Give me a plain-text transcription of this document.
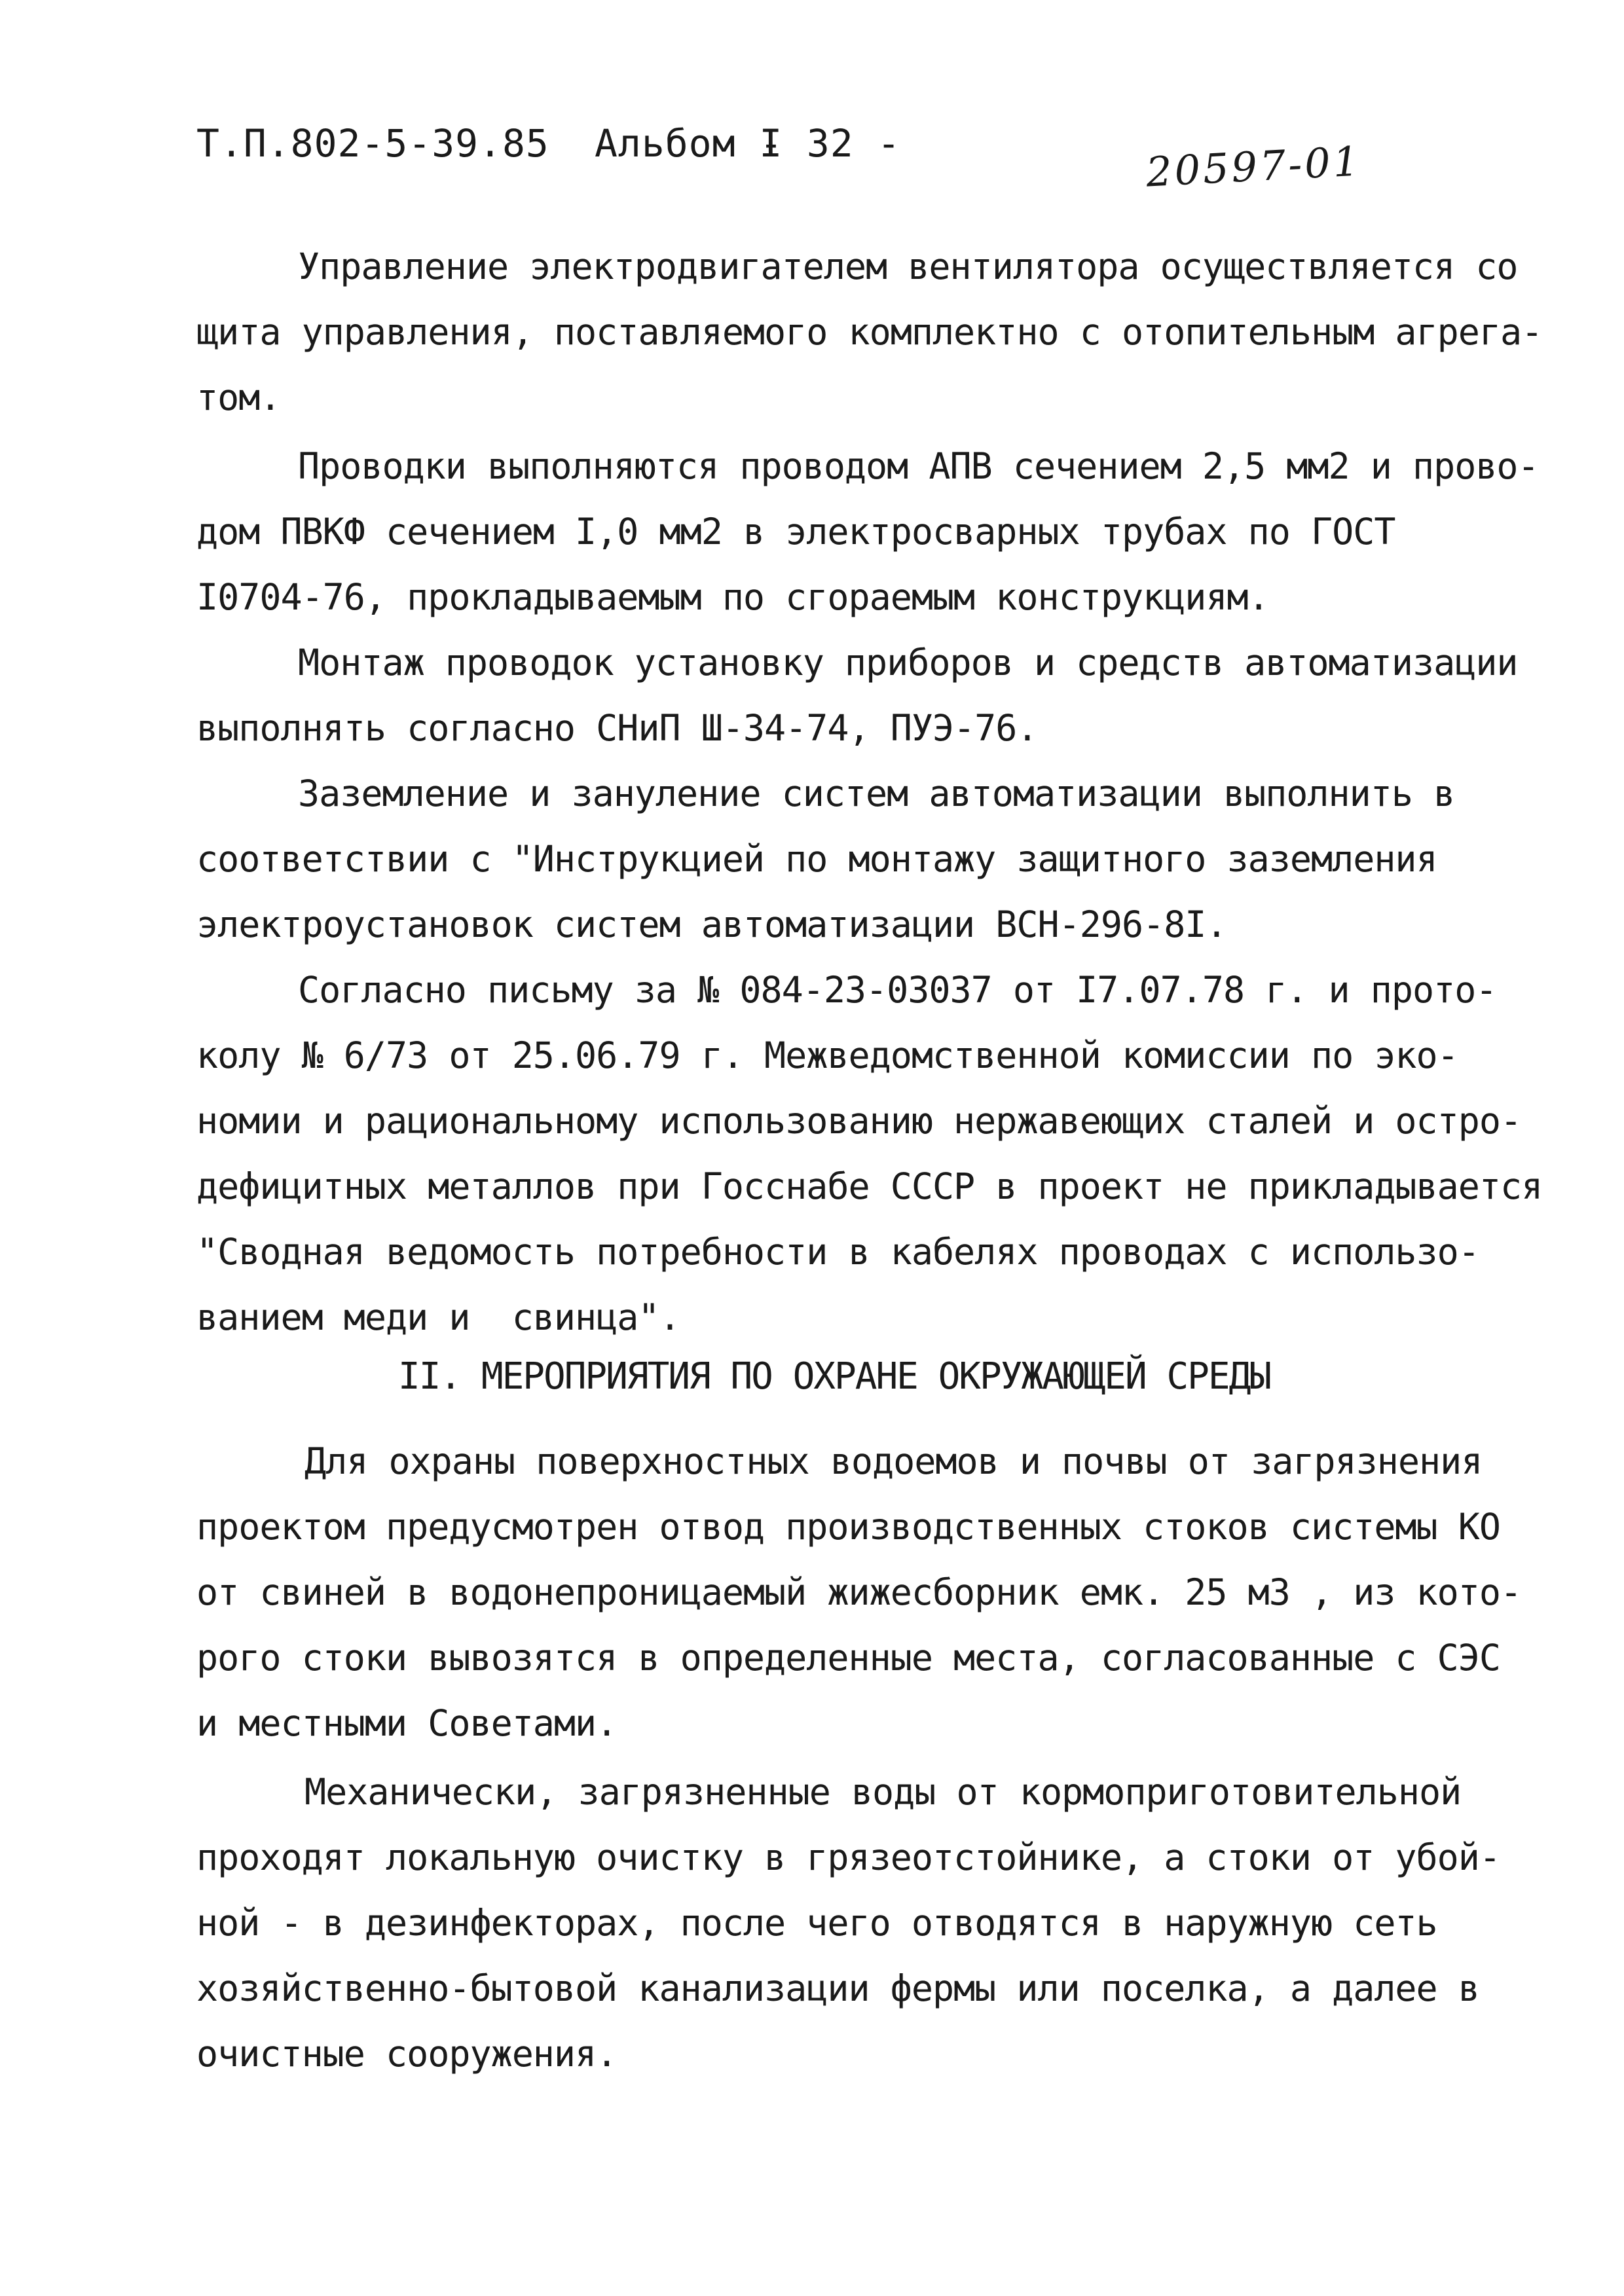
Т.П.802-5-39.85 Альбом I
- 32 -	20597-01
Управление электродвигателем вентилятора осуществляется со
щита управления, поставляемого комплектно с отопительным агрега-
том.
Проводки выполняются проводом АПВ сечением 2,5 мм2 и прово-
дом ПВКФ сечением I,0 мм2 в электросварных трубах по ГОСТ
I0704-76, прокладываемым по сгораемым конструкциям.
Монтаж проводок установку приборов и средств автоматизации
выполнять согласно СНиП Ш-34-74, ПУЭ-76.
Заземление и зануление систем автоматизации выполнить в
соответствии с "Инструкцией по монтажу защитного заземления
электроустановок систем автоматизации ВСН-296-8I.
Согласно письму за № 084-23-03037 от I7.07.78 г. и прото-
колу № 6/73 от 25.06.79 г. Межведомственной комиссии по эко-
номии и рациональному использованию нержавеющих сталей и остро-
дефицитных металлов при Госснабе СССР в проект не прикладывается
"Сводная ведомость потребности в кабелях проводах с использо-
ванием меди и  свинца".
II. МЕРОПРИЯТИЯ ПО ОХРАНЕ ОКРУЖАЮЩЕЙ СРЕДЫ
Для охраны поверхностных водоемов и почвы от загрязнения
проектом предусмотрен отвод производственных стоков системы КО
от свиней в водонепроницаемый жижесборник емк. 25 м3 , из кото-
рого стоки вывозятся в определенные места, согласованные с СЭС
и местными Советами.
Механически, загрязненные воды от кормоприготовительной
проходят локальную очистку в грязеотстойнике, а стоки от убой-
ной - в дезинфекторах, после чего отводятся в наружную сеть
хозяйственно-бытовой канализации фермы или поселка, а далее в
очистные сооружения.
